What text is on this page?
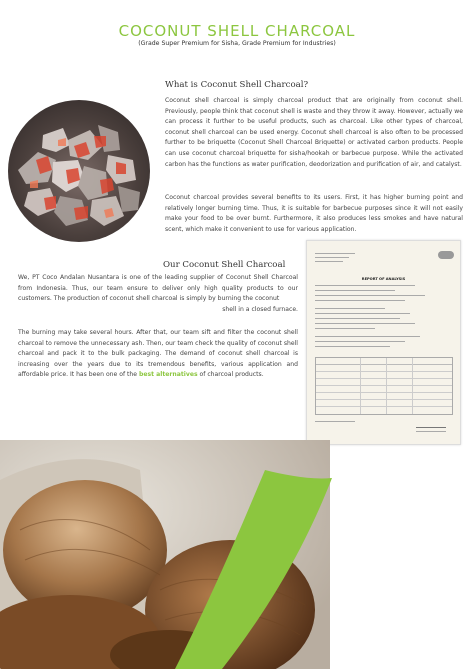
COCONUT SHELL CHARCOAL
(Grade Super Premium for Sisha, Grade Premium for Industries)
What is Coconut Shell Charcoal?

Coconut shell charcoal is simply charcoal product that are originally from coconut shell. Previously, people think that coconut shell is waste and they throw it away. However, actually we can process it further to be useful products, such as charcoal. Like other types of charcoal, coconut shell charcoal can be used energy. Coconut shell charcoal is also often to be processed further to be briquette (Coconut Shell Charcoal Briquette) or activated carbon products. People can use coconut charcoal briquette for sisha/hookah or barbecue purpose. While the activated carbon has the functions as water purification, deodorization and purification of air, and catalyst.

Coconut charcoal provides several benefits to its users. First, it has higher burning point and relatively longer burning time. Thus, it is suitable for barbecue purposes since it will not easily make your food to be over burnt. Furthermore, it also produces less smokes and have natural scent, which make it convenient to use for various application.

Our Coconut Shell Charcoal

We, PT Coco Andalan Nusantara is one of the leading supplier of Coconut Shell Charcoal from Indonesia. Thus, our team ensure to deliver only high quality products to our customers. The production of coconut shell charcoal is simply by burning the coconut
shell in a closed furnace.

The burning may take several hours. After that, our team sift and filter the coconut shell charcoal to remove the unnecessary ash. Then, our team check the quality of coconut shell charcoal and pack it to the bulk packaging. The demand of coconut shell charcoal is increasing over the years due to its tremendous benefits, various application and affordable price. It has been one of the best alternatives of charcoal products.

REPORT OF ANALYSIS
